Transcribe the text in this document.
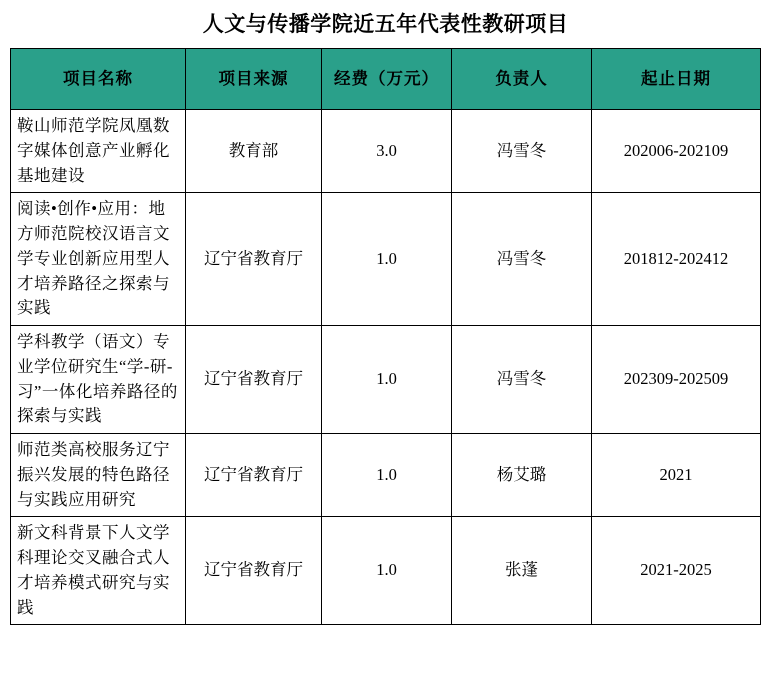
人文与传播学院近五年代表性教研项目
项目名称	项目来源	经费（万元）	负责人	起止日期
鞍山师范学院凤凰数字媒体创意产业孵化基地建设	教育部	3.0	冯雪冬	202006-202109
阅读•创作•应用：地方师范院校汉语言文学专业创新应用型人才培养路径之探索与实践	辽宁省教育厅	1.0	冯雪冬	201812-202412
学科教学（语文）专业学位研究生“学-研-习”一体化培养路径的探索与实践	辽宁省教育厅	1.0	冯雪冬	202309-202509
师范类高校服务辽宁振兴发展的特色路径与实践应用研究	辽宁省教育厅	1.0	杨艾璐	2021
新文科背景下人文学科理论交叉融合式人才培养模式研究与实践	辽宁省教育厅	1.0	张蓬	2021-2025
